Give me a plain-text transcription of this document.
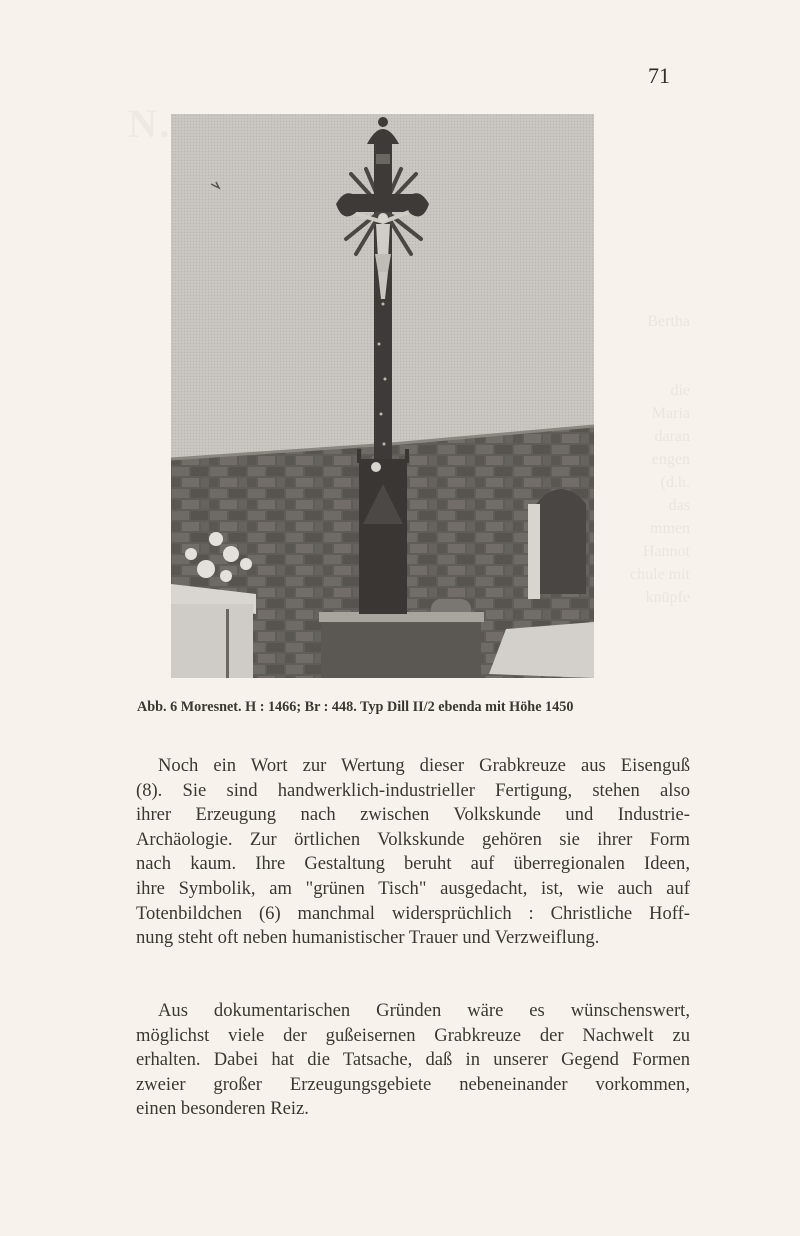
Bertha

die
Maria
daran
engen
(d.h.
das
mmen
Hannot
chule mit
knüpfe
71
Abb. 6 Moresnet. H : 1466; Br : 448. Typ Dill II/2 ebenda mit Höhe 1450
Noch ein Wort zur Wertung dieser Grabkreuze aus Eisenguß
(8). Sie sind handwerklich-industrieller Fertigung, stehen also
ihrer Erzeugung nach zwischen Volkskunde und Industrie-
Archäologie. Zur örtlichen Volkskunde gehören sie ihrer Form
nach kaum. Ihre Gestaltung beruht auf überregionalen Ideen,
ihre Symbolik, am "grünen Tisch" ausgedacht, ist, wie auch auf
Totenbildchen (6) manchmal widersprüchlich : Christliche Hoff-
nung steht oft neben humanistischer Trauer und Verzweiflung.
Aus dokumentarischen Gründen wäre es wünschenswert,
möglichst viele der gußeisernen Grabkreuze der Nachwelt zu
erhalten. Dabei hat die Tatsache, daß in unserer Gegend Formen
zweier großer Erzeugungsgebiete nebeneinander vorkommen,
einen besonderen Reiz.
